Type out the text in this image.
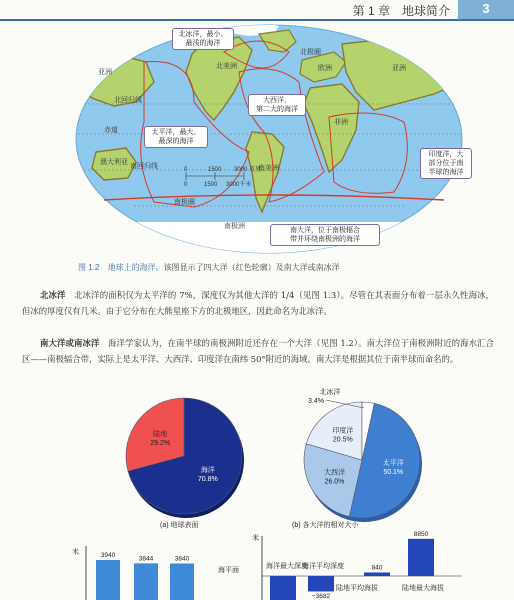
第 1 章　地球简介	3
北美洲
南美洲
欧洲
亚洲
亚洲
非洲
澳大利亚
北极圈
北回归线
赤道
南回归线
南极圈
南极洲
0	1500 3000 英里
0	1500 3000千米
北冰洋，最小、
最浅的海洋
大西洋，
第二大的海洋
太平洋，最大、
最深的海洋
印度洋，大
部分位于南
半球的海洋
南大洋，位于南极辐合
带并环绕南极洲的海洋
图 1.2 地球上的海洋。该图显示了四大洋（红色轮廓）及南大洋或南冰洋
北冰洋　 北冰洋的面积仅为太平洋的 7%，深度仅为其他大洋的 1/4（见图 1.3）。尽管在其表面分布着一层永久性海冰，但冰的厚度仅有几米。由于它分布在大熊星座下方的北极地区，因此命名为北冰洋。
南大洋或南冰洋　 海洋学家认为，在南半球的南极洲附近还存在一个大洋（见图 1.2）。南大洋位于南极洲附近的海水汇合区——南极辐合带，实际上是太平洋、大西洋、印度洋在南纬 50°附近的海域。南大洋是根据其位于南半球而命名的。
海洋
70.8%
陆地
29.2%
太平洋
50.1%
大西洋
26.0%
印度洋
20.5%
北冰洋
3.4%
(a) 地球表面	(b) 各大洋的相对大小
米	3940	3844	3840
米
海平面
−3682
840
8850
海洋最大深度
海洋平均深度
陆地平均海拔	陆地最大海拔
